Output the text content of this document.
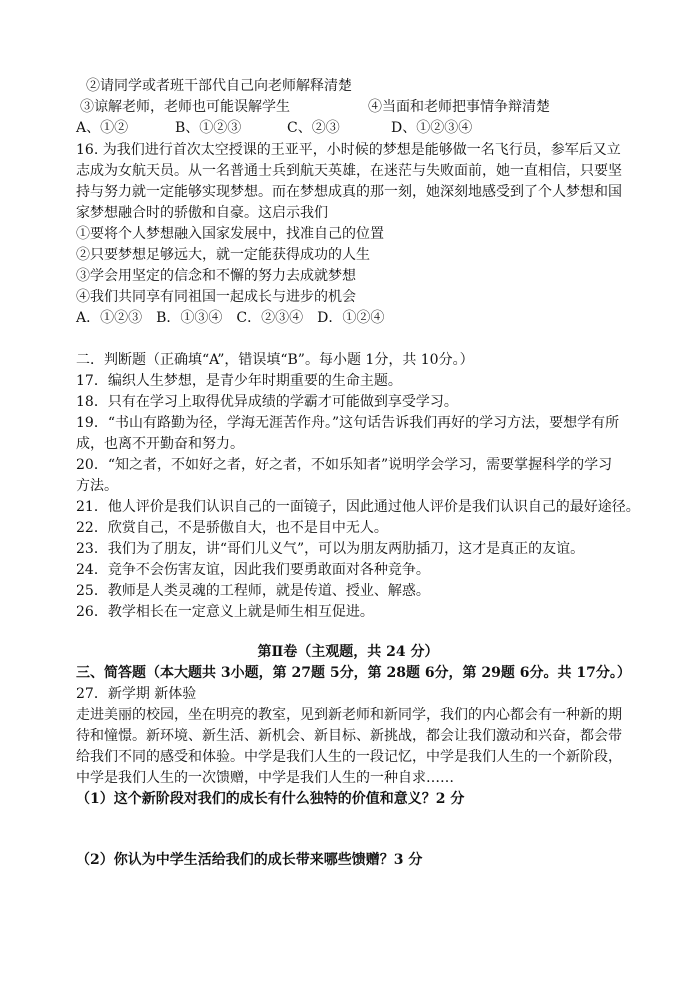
②请同学或者班干部代自己向老师解释清楚
③谅解老师，老师也可能误解学生	④当面和老师把事情争辩清楚
A、①②	B、①②③	C、②③	D、①②③④
16. 为我们进行首次太空授课的王亚平，小时候的梦想是能够做一名飞行员，参军后又立
志成为女航天员。从一名普通士兵到航天英雄，在迷茫与失败面前，她一直相信，只要坚
持与努力就一定能够实现梦想。而在梦想成真的那一刻，她深刻地感受到了个人梦想和国
家梦想融合时的骄傲和自豪。这启示我们
①要将个人梦想融入国家发展中，找准自己的位置
②只要梦想足够远大，就一定能获得成功的人生
③学会用坚定的信念和不懈的努力去成就梦想
④我们共同享有同祖国一起成长与进步的机会
A．①②③　B．①③④　C．②③④　D．①②④
二．判断题（正确填“A”，错误填“B”。每小题 1分，共 10分。）
17．编织人生梦想，是青少年时期重要的生命主题。
18．只有在学习上取得优异成绩的学霸才可能做到享受学习。
19．“书山有路勤为径，学海无涯苦作舟。”这句话告诉我们再好的学习方法，要想学有所
成，也离不开勤奋和努力。
20．“知之者，不如好之者，好之者，不如乐知者”说明学会学习，需要掌握科学的学习
方法。
21．他人评价是我们认识自己的一面镜子，因此通过他人评价是我们认识自己的最好途径。
22．欣赏自己，不是骄傲自大，也不是目中无人。
23．我们为了朋友，讲“哥们儿义气”，可以为朋友两肋插刀，这才是真正的友谊。
24．竞争不会伤害友谊，因此我们要勇敢面对各种竞争。
25．教师是人类灵魂的工程师，就是传道、授业、解惑。
26．教学相长在一定意义上就是师生相互促进。
第Ⅱ卷（主观题，共 24 分）
三、简答题（本大题共 3小题，第 27题 5分，第 28题 6分，第 29题 6分。共 17分。）
27．新学期 新体验
走进美丽的校园，坐在明亮的教室，见到新老师和新同学，我们的内心都会有一种新的期
待和憧憬。新环境、新生活、新机会、新目标、新挑战，都会让我们激动和兴奋，都会带
给我们不同的感受和体验。中学是我们人生的一段记忆，中学是我们人生的一个新阶段，
中学是我们人生的一次馈赠，中学是我们人生的一种自求……
（1）这个新阶段对我们的成长有什么独特的价值和意义？2 分
（2）你认为中学生活给我们的成长带来哪些馈赠？3 分
